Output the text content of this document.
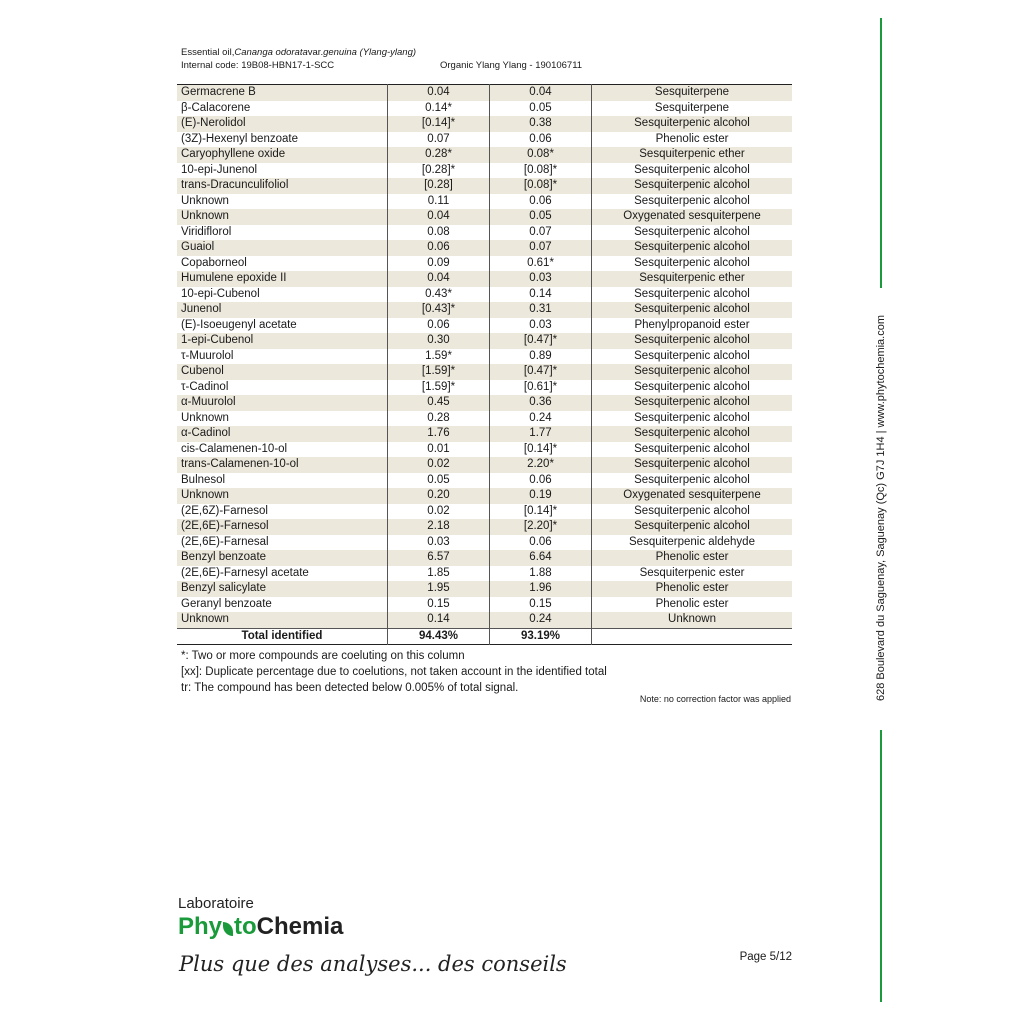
Essential oil, Cananga odorata var. genuina (Ylang-ylang)
Internal code: 19B08-HBN17-1-SCC	Organic Ylang Ylang - 190106711
Germacrene B	0.04	0.04	Sesquiterpene
β-Calacorene	0.14*	0.05	Sesquiterpene
(E)-Nerolidol	[0.14]*	0.38	Sesquiterpenic alcohol
(3Z)-Hexenyl benzoate	0.07	0.06	Phenolic ester
Caryophyllene oxide	0.28*	0.08*	Sesquiterpenic ether
10-epi-Junenol	[0.28]*	[0.08]*	Sesquiterpenic alcohol
trans-Dracunculifoliol	[0.28]	[0.08]*	Sesquiterpenic alcohol
Unknown	0.11	0.06	Sesquiterpenic alcohol
Unknown	0.04	0.05	Oxygenated sesquiterpene
Viridiflorol	0.08	0.07	Sesquiterpenic alcohol
Guaiol	0.06	0.07	Sesquiterpenic alcohol
Copaborneol	0.09	0.61*	Sesquiterpenic alcohol
Humulene epoxide II	0.04	0.03	Sesquiterpenic ether
10-epi-Cubenol	0.43*	0.14	Sesquiterpenic alcohol
Junenol	[0.43]*	0.31	Sesquiterpenic alcohol
(E)-Isoeugenyl acetate	0.06	0.03	Phenylpropanoid ester
1-epi-Cubenol	0.30	[0.47]*	Sesquiterpenic alcohol
τ-Muurolol	1.59*	0.89	Sesquiterpenic alcohol
Cubenol	[1.59]*	[0.47]*	Sesquiterpenic alcohol
τ-Cadinol	[1.59]*	[0.61]*	Sesquiterpenic alcohol
α-Muurolol	0.45	0.36	Sesquiterpenic alcohol
Unknown	0.28	0.24	Sesquiterpenic alcohol
α-Cadinol	1.76	1.77	Sesquiterpenic alcohol
cis-Calamenen-10-ol	0.01	[0.14]*	Sesquiterpenic alcohol
trans-Calamenen-10-ol	0.02	2.20*	Sesquiterpenic alcohol
Bulnesol	0.05	0.06	Sesquiterpenic alcohol
Unknown	0.20	0.19	Oxygenated sesquiterpene
(2E,6Z)-Farnesol	0.02	[0.14]*	Sesquiterpenic alcohol
(2E,6E)-Farnesol	2.18	[2.20]*	Sesquiterpenic alcohol
(2E,6E)-Farnesal	0.03	0.06	Sesquiterpenic aldehyde
Benzyl benzoate	6.57	6.64	Phenolic ester
(2E,6E)-Farnesyl acetate	1.85	1.88	Sesquiterpenic ester
Benzyl salicylate	1.95	1.96	Phenolic ester
Geranyl benzoate	0.15	0.15	Phenolic ester
Unknown	0.14	0.24	Unknown
Total identified	94.43%	93.19%	
*: Two or more compounds are coeluting on this column
[xx]: Duplicate percentage due to coelutions, not taken account in the identified total
tr: The compound has been detected below 0.005% of total signal.
Note: no correction factor was applied	628 Boulevard du Saguenay, Saguenay (Qc) G7J 1H4 | www.phytochemia.com
Laboratoire
Phy toChemia
Plus que des analyses... des conseils	Page 5/12
